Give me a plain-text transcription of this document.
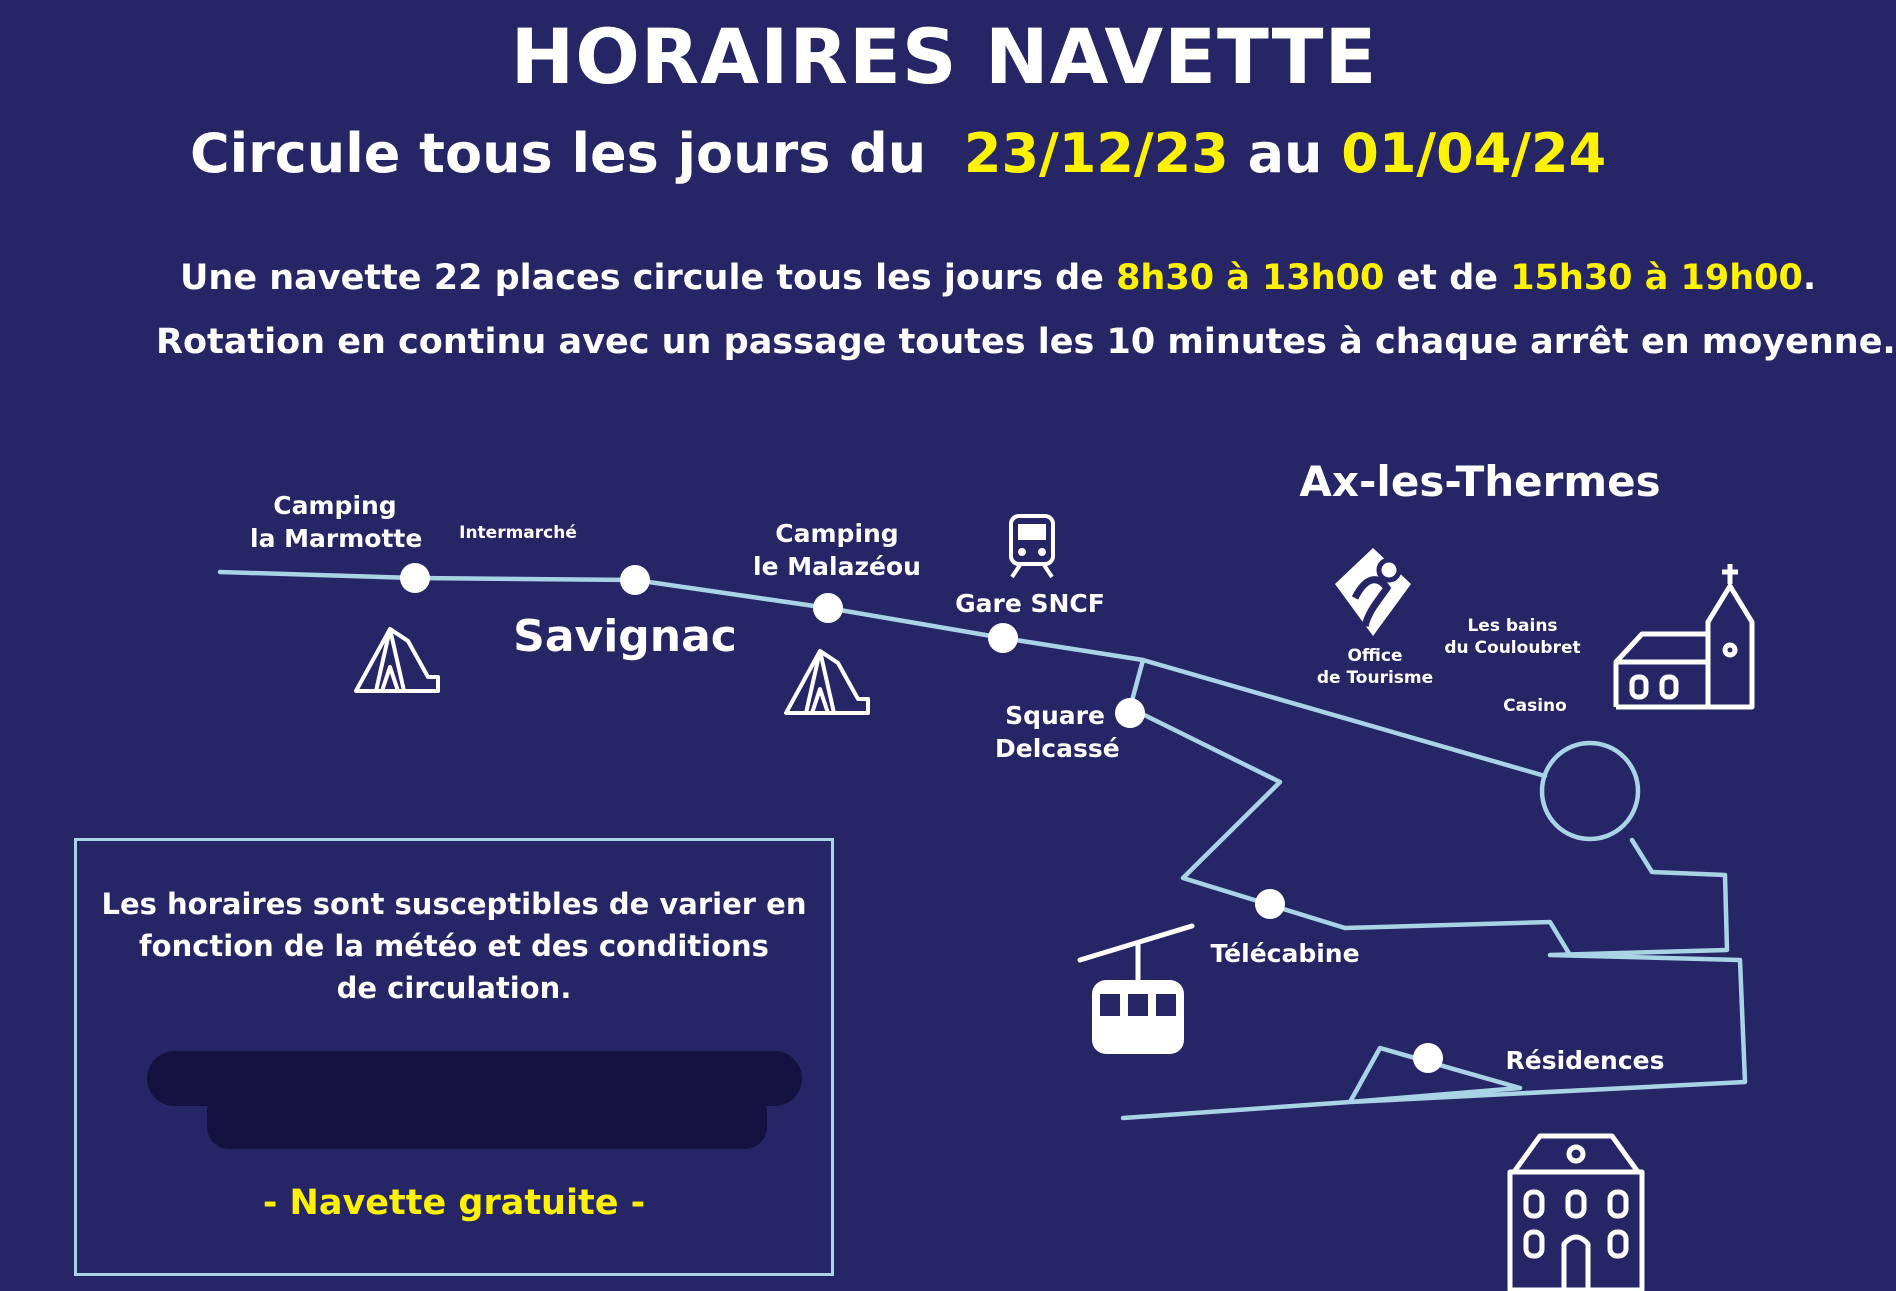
HORAIRES NAVETTE
Circule tous les jours du 23/12/23 au 01/04/24
Une navette 22 places circule tous les jours de 8h30 à 13h00 et de 15h30 à 19h00.
Rotation en continu avec un passage toutes les 10 minutes à chaque arrêt en moyenne.
Camping
la Marmotte	Intermarché
Savignac
Camping
le Malazéou
Gare SNCF
Square
Delcassé
Télécabine
Résidences
Ax-les-Thermes
Office
de Tourisme
Les bains
du Couloubret
Casino
Les horaires sont susceptibles de varier en
fonction de la météo et des conditions
de circulation.
- Navette gratuite -
